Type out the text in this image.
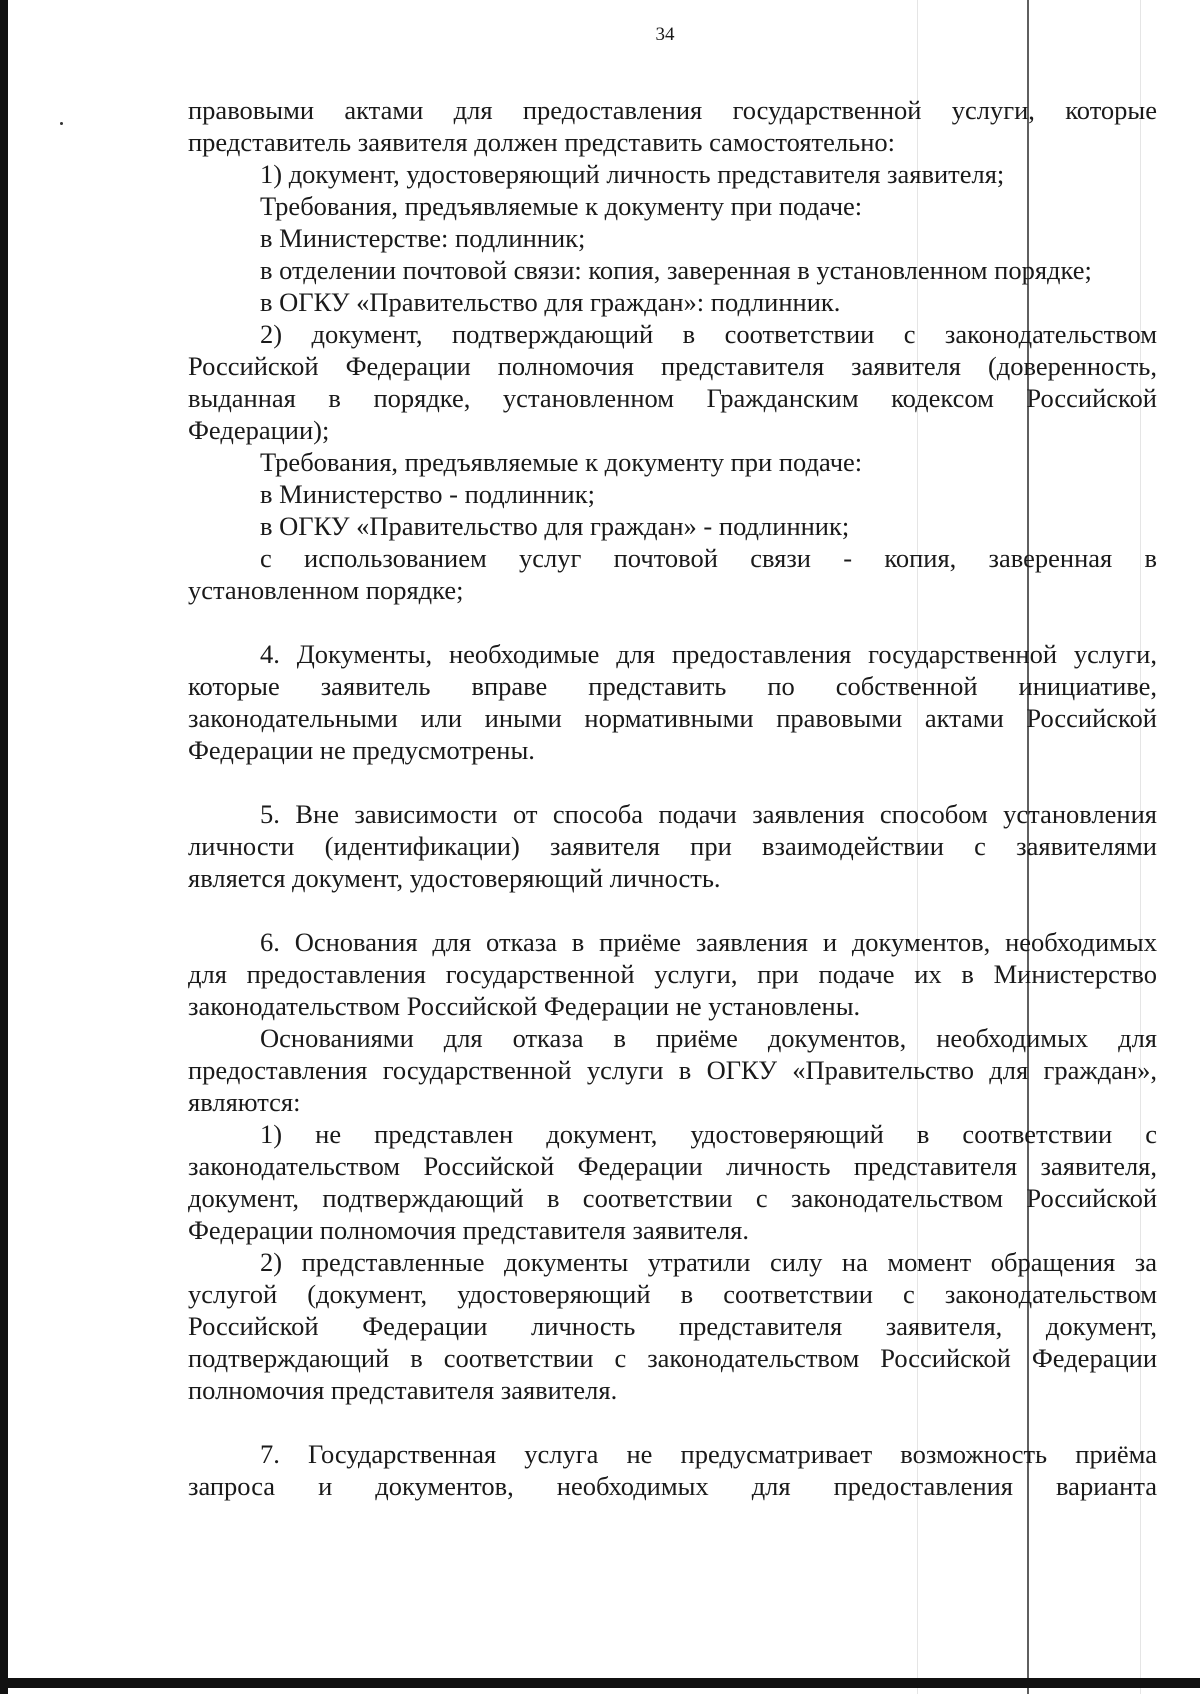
34
правовыми актами для предоставления государственной услуги, которые
представитель заявителя должен представить самостоятельно:
1) документ, удостоверяющий личность представителя заявителя;
Требования, предъявляемые к документу при подаче:
в Министерстве: подлинник;
в отделении почтовой связи: копия, заверенная в установленном порядке;
в ОГКУ «Правительство для граждан»: подлинник.
2) документ, подтверждающий в соответствии с законодательством
Российской Федерации полномочия представителя заявителя (доверенность,
выданная в порядке, установленном Гражданским кодексом Российской
Федерации);
Требования, предъявляемые к документу при подаче:
в Министерство - подлинник;
в ОГКУ «Правительство для граждан» - подлинник;
с использованием услуг почтовой связи - копия, заверенная в
установленном порядке;
4. Документы, необходимые для предоставления государственной услуги,
которые заявитель вправе представить по собственной инициативе,
законодательными или иными нормативными правовыми актами Российской
Федерации не предусмотрены.
5. Вне зависимости от способа подачи заявления способом установления
личности (идентификации) заявителя при взаимодействии с заявителями
является документ, удостоверяющий личность.
6. Основания для отказа в приёме заявления и документов, необходимых
для предоставления государственной услуги, при подаче их в Министерство
законодательством Российской Федерации не установлены.
Основаниями для отказа в приёме документов, необходимых для
предоставления государственной услуги в ОГКУ «Правительство для граждан»,
являются:
1) не представлен документ, удостоверяющий в соответствии с
законодательством Российской Федерации личность представителя заявителя,
документ, подтверждающий в соответствии с законодательством Российской
Федерации полномочия представителя заявителя.
2) представленные документы утратили силу на момент обращения за
услугой (документ, удостоверяющий в соответствии с законодательством
Российской Федерации личность представителя заявителя, документ,
подтверждающий в соответствии с законодательством Российской Федерации
полномочия представителя заявителя.
7. Государственная услуга не предусматривает возможность приёма
запроса и документов, необходимых для предоставления варианта
